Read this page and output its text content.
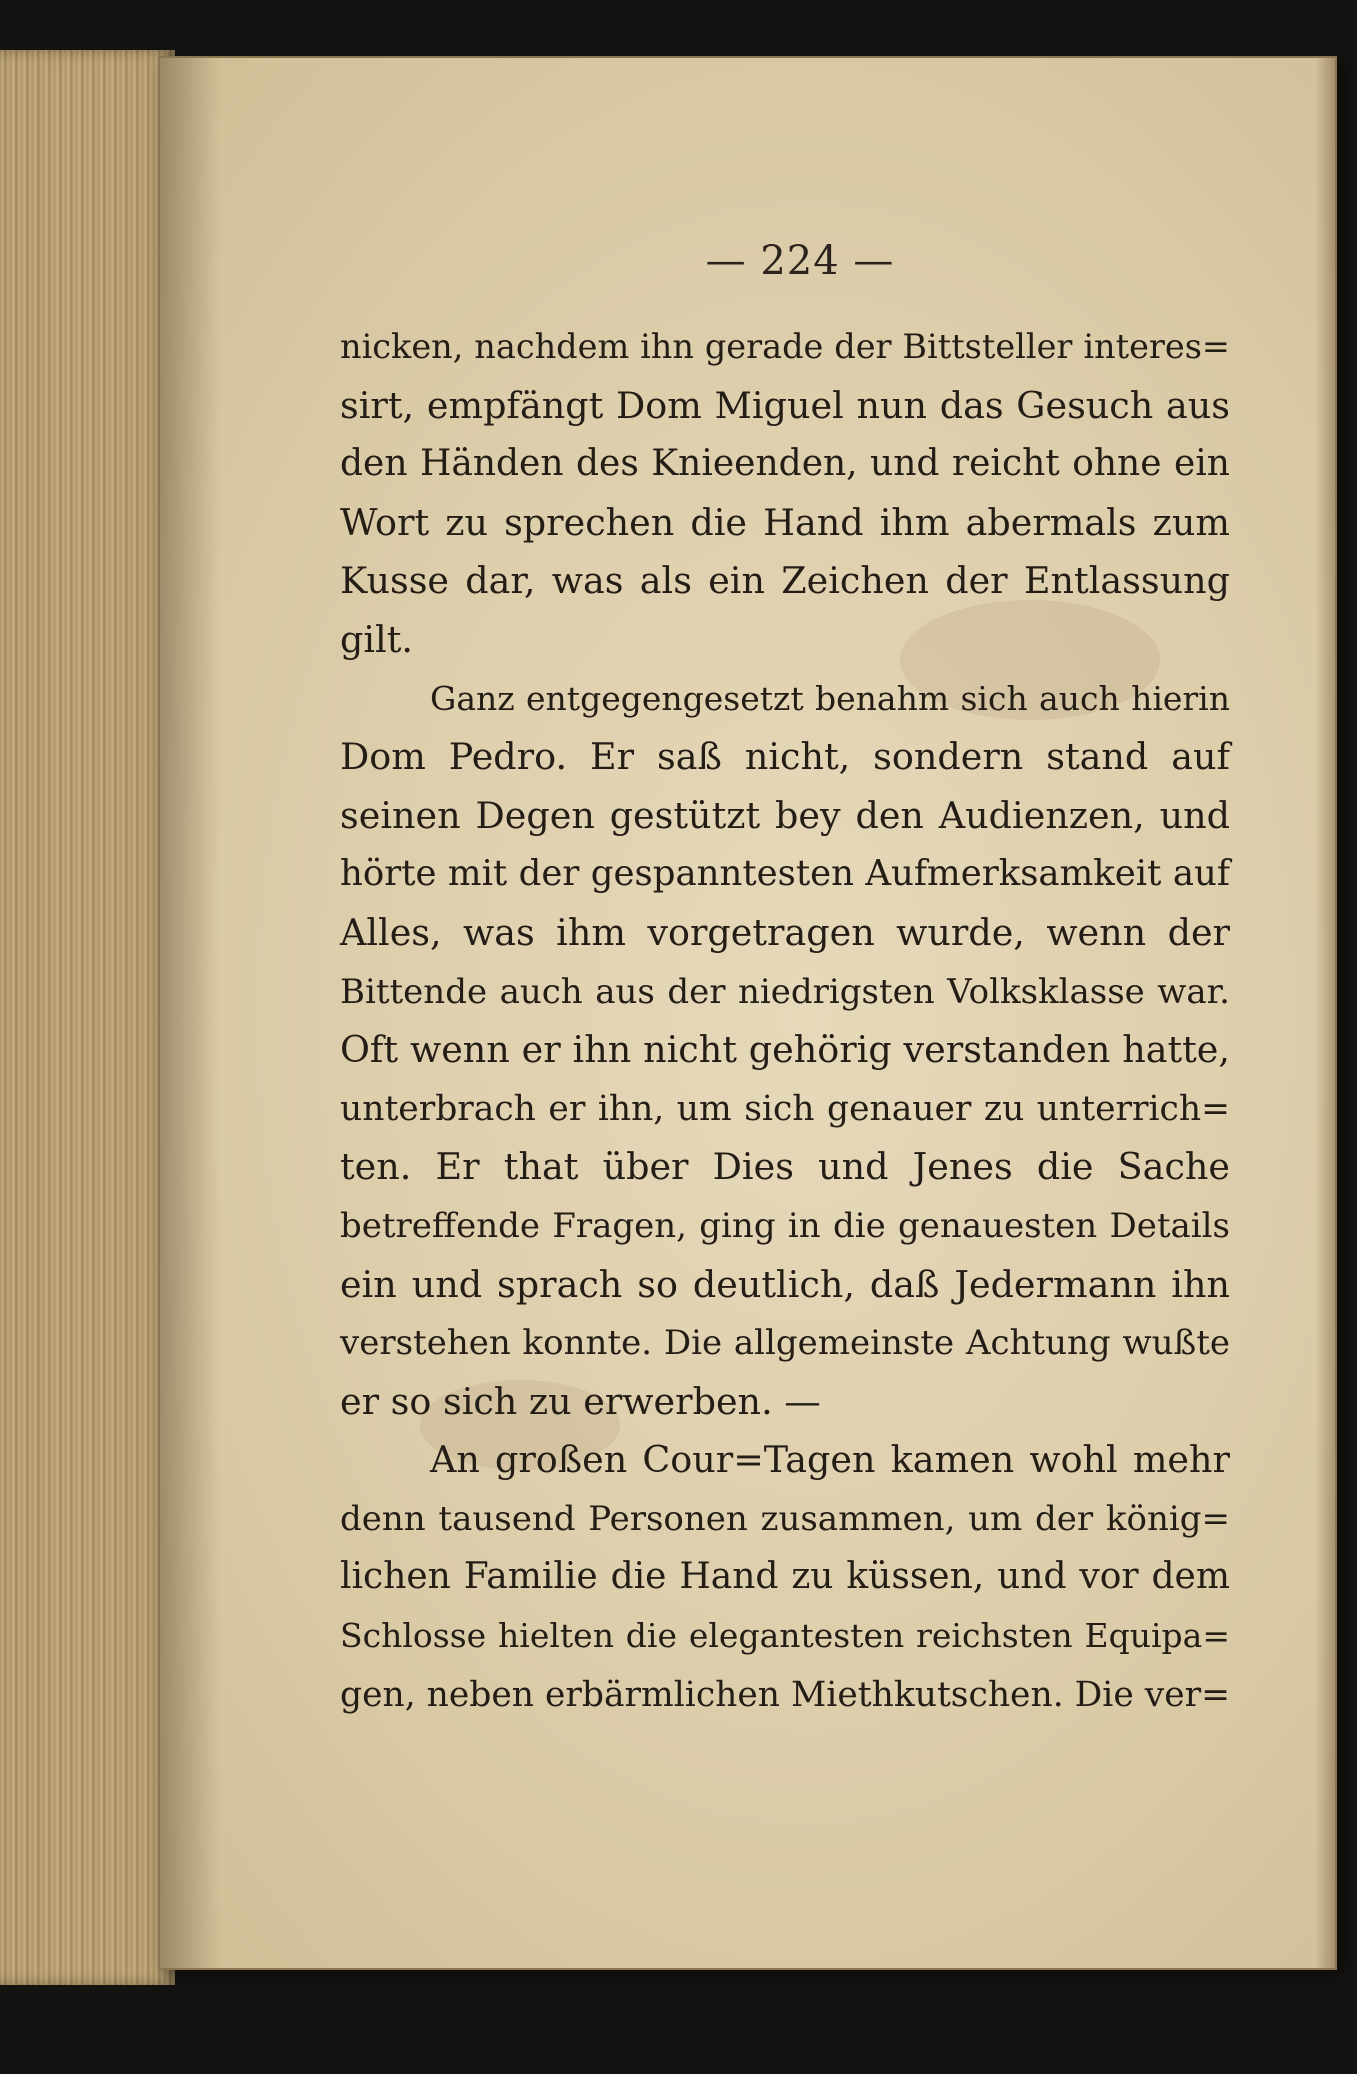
— 224 —
nicken, nachdem ihn gerade der Bittsteller interes=
sirt, empfängt Dom Miguel nun das Gesuch aus
den Händen des Knieenden, und reicht ohne ein
Wort zu sprechen die Hand ihm abermals zum
Kusse dar, was als ein Zeichen der Entlassung
gilt.
Ganz entgegengesetzt benahm sich auch hierin
Dom Pedro. Er saß nicht, sondern stand auf
seinen Degen gestützt bey den Audienzen, und
hörte mit der gespanntesten Aufmerksamkeit auf
Alles, was ihm vorgetragen wurde, wenn der
Bittende auch aus der niedrigsten Volksklasse war.
Oft wenn er ihn nicht gehörig verstanden hatte,
unterbrach er ihn, um sich genauer zu unterrich=
ten. Er that über Dies und Jenes die Sache
betreffende Fragen, ging in die genauesten Details
ein und sprach so deutlich, daß Jedermann ihn
verstehen konnte. Die allgemeinste Achtung wußte
er so sich zu erwerben. —
An großen Cour=Tagen kamen wohl mehr
denn tausend Personen zusammen, um der könig=
lichen Familie die Hand zu küssen, und vor dem
Schlosse hielten die elegantesten reichsten Equipa=
gen, neben erbärmlichen Miethkutschen. Die ver=
